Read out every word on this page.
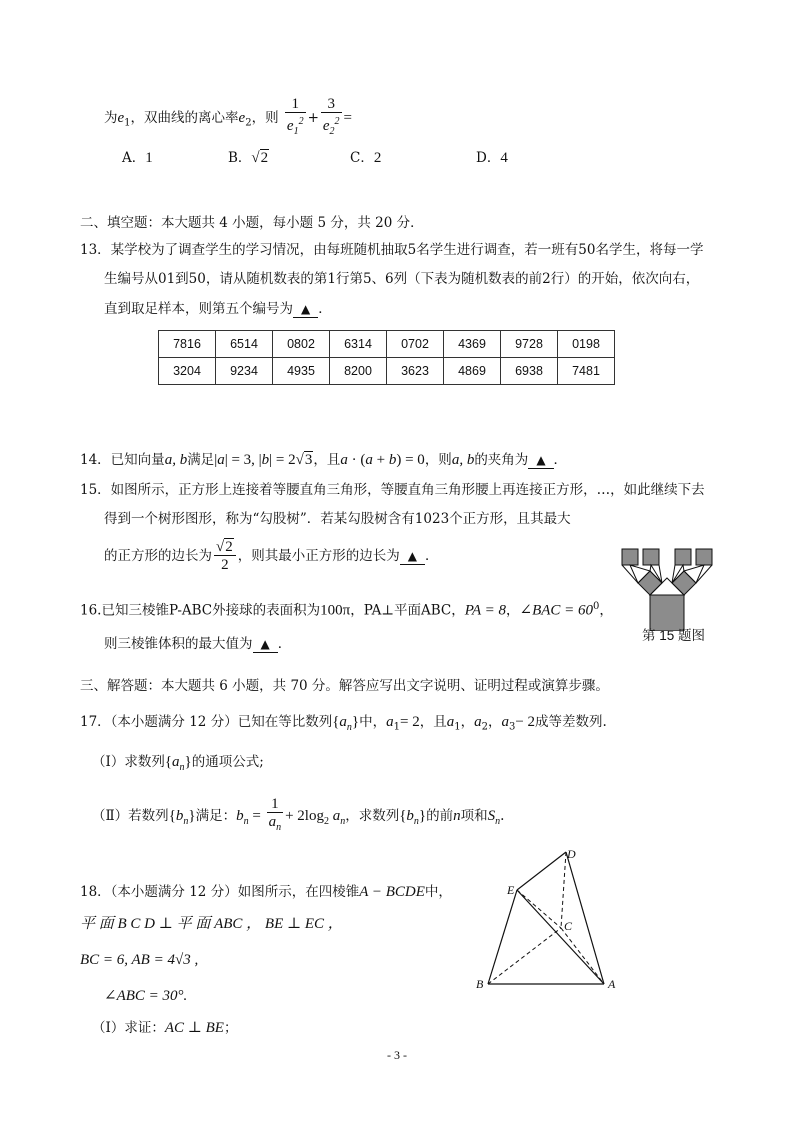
为$e_1$，双曲线的离心率$e_2$，则 $\frac{1}{e_1^2} + \frac{3}{e_2^2}$ =
A．1	B．√2	C．2	D．4
二、填空题：本大题共 4 小题，每小题 5 分，共 20 分．
13．某学校为了调查学生的学习情况，由每班随机抽取5名学生进行调查，若一班有50名学生，将每一学
生编号从01到50，请从随机数表的第1行第5、6列（下表为随机数表的前2行）的开始，依次向右，
直到取足样本，则第五个编号为 ▲ ．
7816	6514	0802	6314	0702	4369	9728	0198
3204	9234	4935	8200	3623	4869	6938	7481
14．已知向量a, b满足|a| = 3, |b| = 2√3，且a · (a + b) = 0，则a, b的夹角为 ▲ ．
15．如图所示，正方形上连接着等腰直角三角形，等腰直角三角形腰上再连接正方形，…，如此继续下去
得到一个树形图形，称为“勾股树”．若某勾股树含有1023个正方形，且其最大
的正方形的边长为 $\frac{√2}{2}$ ，则其最小正方形的边长为 ▲ ．
第 15 题图
16.已知三棱锥P-ABC外接球的表面积为100π，PA⊥平面ABC，PA = 8，∠BAC = $60^0$，
则三棱锥体积的最大值为 ▲ ．
三、解答题：本大题共 6 小题，共 70 分。解答应写出文字说明、证明过程或演算步骤。
17．（本小题满分 12 分）已知在等比数列$\{a_n\}$中，$a_1= 2$，且$a_1$，$a_2$，$a_3- 2$成等差数列.
（Ⅰ）求数列$\{a_n\}$的通项公式;
（Ⅱ）若数列$\{b_n\}$满足：$b_n = \frac{1}{a_n} + 2\log_2$ $a_n$，求数列$\{b_n\}$的前n项和$S_n$.
18．（本小题满分 12 分）如图所示，在四棱锥A − BCDE中，
平 面 B C D ⊥ 平 面 ABC ， BE ⊥ EC ，
BC = 6, AB = 4√3 ,
∠ABC = 30°.
（Ⅰ）求证：AC ⊥ BE；
D
E
C
B	A
- 3 -
